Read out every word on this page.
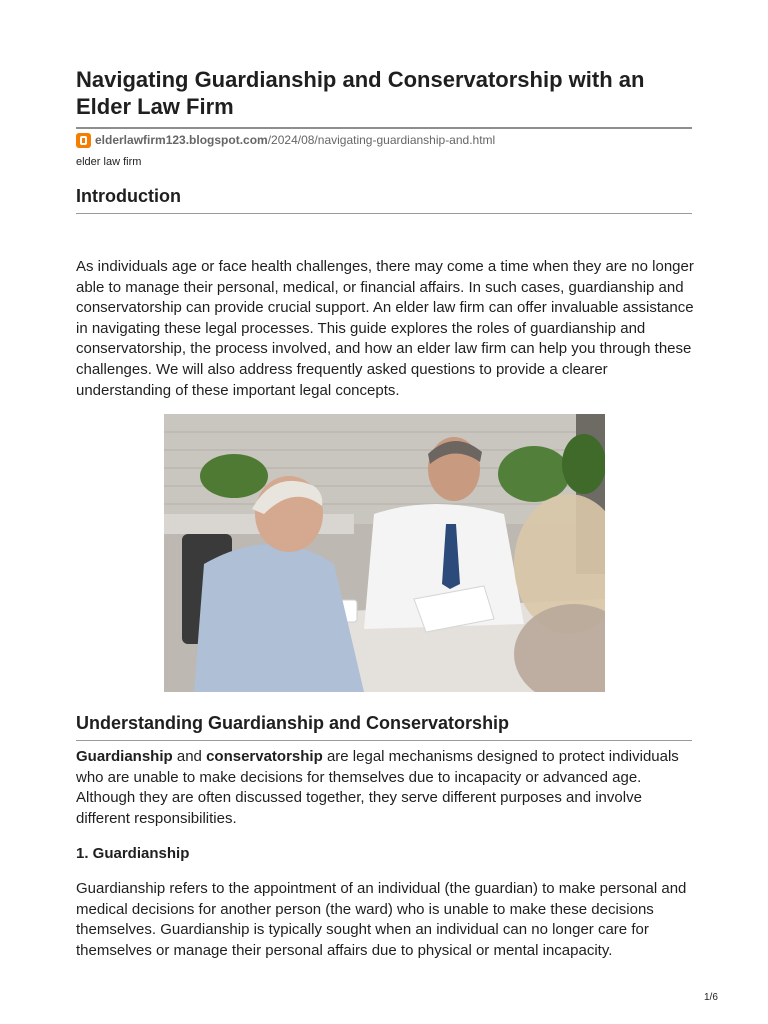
Navigating Guardianship and Conservatorship with an Elder Law Firm
elderlawfirm123.blogspot.com /2024/08/navigating-guardianship-and.html
elder law firm
Introduction

As individuals age or face health challenges, there may come a time when they are no longer able to manage their personal, medical, or financial affairs. In such cases, guardianship and conservatorship can provide crucial support. An elder law firm can offer invaluable assistance in navigating these legal processes. This guide explores the roles of guardianship and conservatorship, the process involved, and how an elder law firm can help you through these challenges. We will also address frequently asked questions to provide a clearer understanding of these important legal concepts.

Understanding Guardianship and Conservatorship

Guardianship and conservatorship are legal mechanisms designed to protect individuals who are unable to make decisions for themselves due to incapacity or advanced age. Although they are often discussed together, they serve different purposes and involve different responsibilities.

1. Guardianship

Guardianship refers to the appointment of an individual (the guardian) to make personal and medical decisions for another person (the ward) who is unable to make these decisions themselves. Guardianship is typically sought when an individual can no longer care for themselves or manage their personal affairs due to physical or mental incapacity.

1/6
